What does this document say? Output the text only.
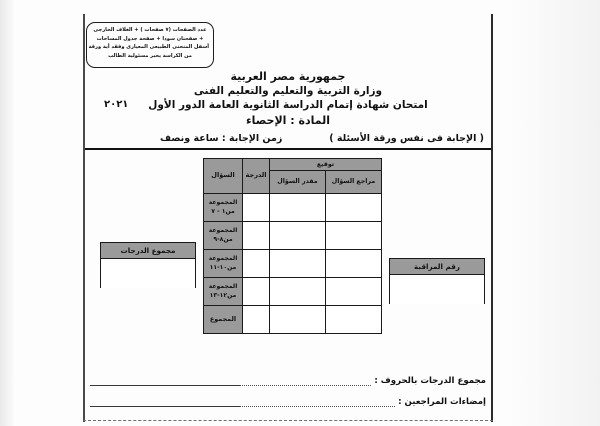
عدد الصفحات (٧ صفحات ) + الغلاف الخارجى
+ صفحتان سودا + صفحة جدول المساحات
أسفل المنحنى الطبيعى المعيارى وفقد أية ورقة
من الكراسة يخبر مسئولية الطالب
جمهورية مصر العربية
وزارة التربية والتعليم والتعليم الفنى
٢٠٢١ امتحان شهادة إتمام الدراسة الثانوية العامة الدور الأول
المادة : الإحصاء
( الإجابة فى نفس ورقة الأسئلة )
زمن الإجابة : ساعة ونصف
توقيع		الدرجة	السؤال
مراجع السؤال	مقدر السؤال		
			المجموعة من١ - ٧
			المجموعة من٨-٩
			المجموعة من١٠-١١
			المجموعة من١٢-١٣
			المجموع
مجموع الدرجات
رقم المراقبة
مجموع الدرجات بالحروف :
إمضاءات المراجعين :
